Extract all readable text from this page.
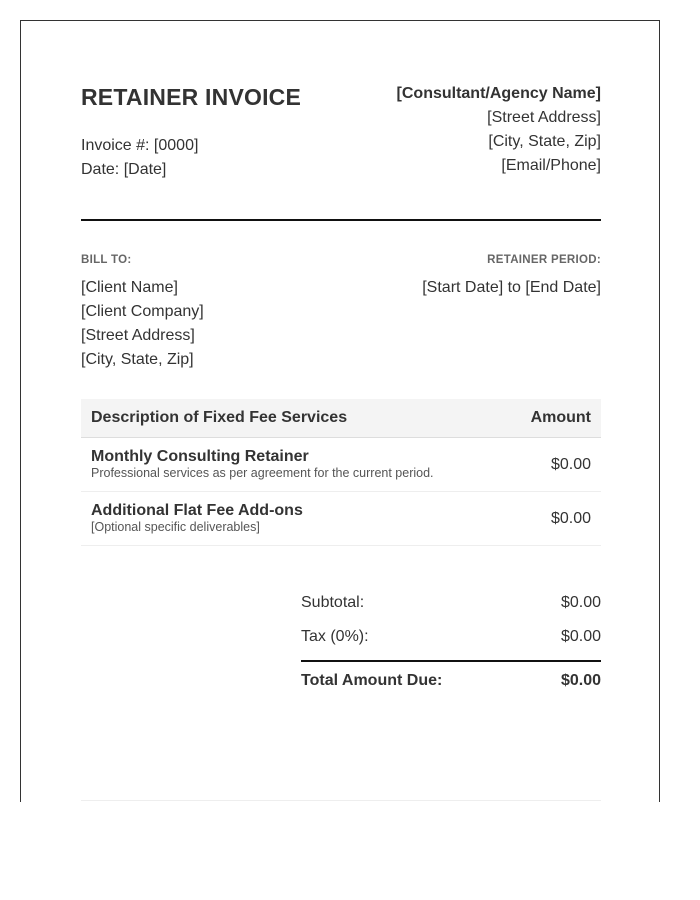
RETAINER INVOICE
Invoice #: [0000]
Date: [Date]
[Consultant/Agency Name]
[Street Address]
[City, State, Zip]
[Email/Phone]
BILL TO:
[Client Name]
[Client Company]
[Street Address]
[City, State, Zip]
RETAINER PERIOD:
[Start Date] to [End Date]
Description of Fixed Fee Services	Amount

Monthly Consulting Retainer
Professional services as per agreement for the current period.	$0.00

Additional Flat Fee Add-ons
[Optional specific deliverables]	$0.00
Subtotal:	$0.00
Tax (0%):	$0.00
Total Amount Due:	$0.00
